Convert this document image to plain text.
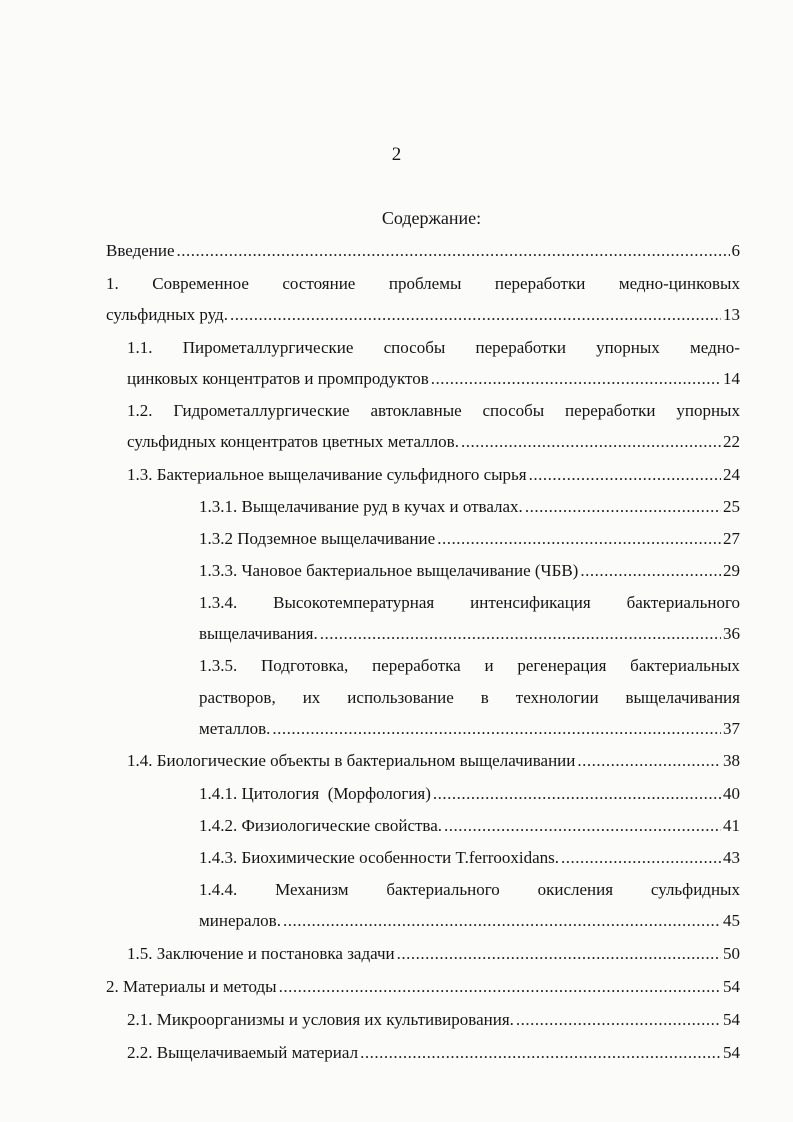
2
Содержание:
Введение .....	6
1. Современное состояние проблемы переработки медно-цинковых
сульфидных руд. .....	13
1.1. Пирометаллургические способы переработки упорных медно-
цинковых концентратов и промпродуктов .....	14
1.2. Гидрометаллургические автоклавные способы переработки упорных
сульфидных концентратов цветных металлов. .....	22
1.3. Бактериальное выщелачивание сульфидного сырья .....	24
1.3.1. Выщелачивание руд в кучах и отвалах. .....	25
1.3.2 Подземное выщелачивание .....	27
1.3.3. Чановое бактериальное выщелачивание (ЧБВ) .....	29
1.3.4. Высокотемпературная интенсификация бактериального
выщелачивания. .....	36
1.3.5. Подготовка, переработка и регенерация бактериальных
растворов, их использование в технологии выщелачивания
металлов. .....	37
1.4. Биологические объекты в бактериальном выщелачивании .....	38
1.4.1. Цитология  (Морфология) .....	40
1.4.2. Физиологические свойства. .....	41
1.4.3. Биохимические особенности T.ferrooxidans. .....	43
1.4.4. Механизм бактериального окисления сульфидных
минералов. .....	45
1.5. Заключение и постановка задачи .....	50
2. Материалы и методы .....	54
2.1. Микроорганизмы и условия их культивирования. .....	54
2.2. Выщелачиваемый материал .....	54
